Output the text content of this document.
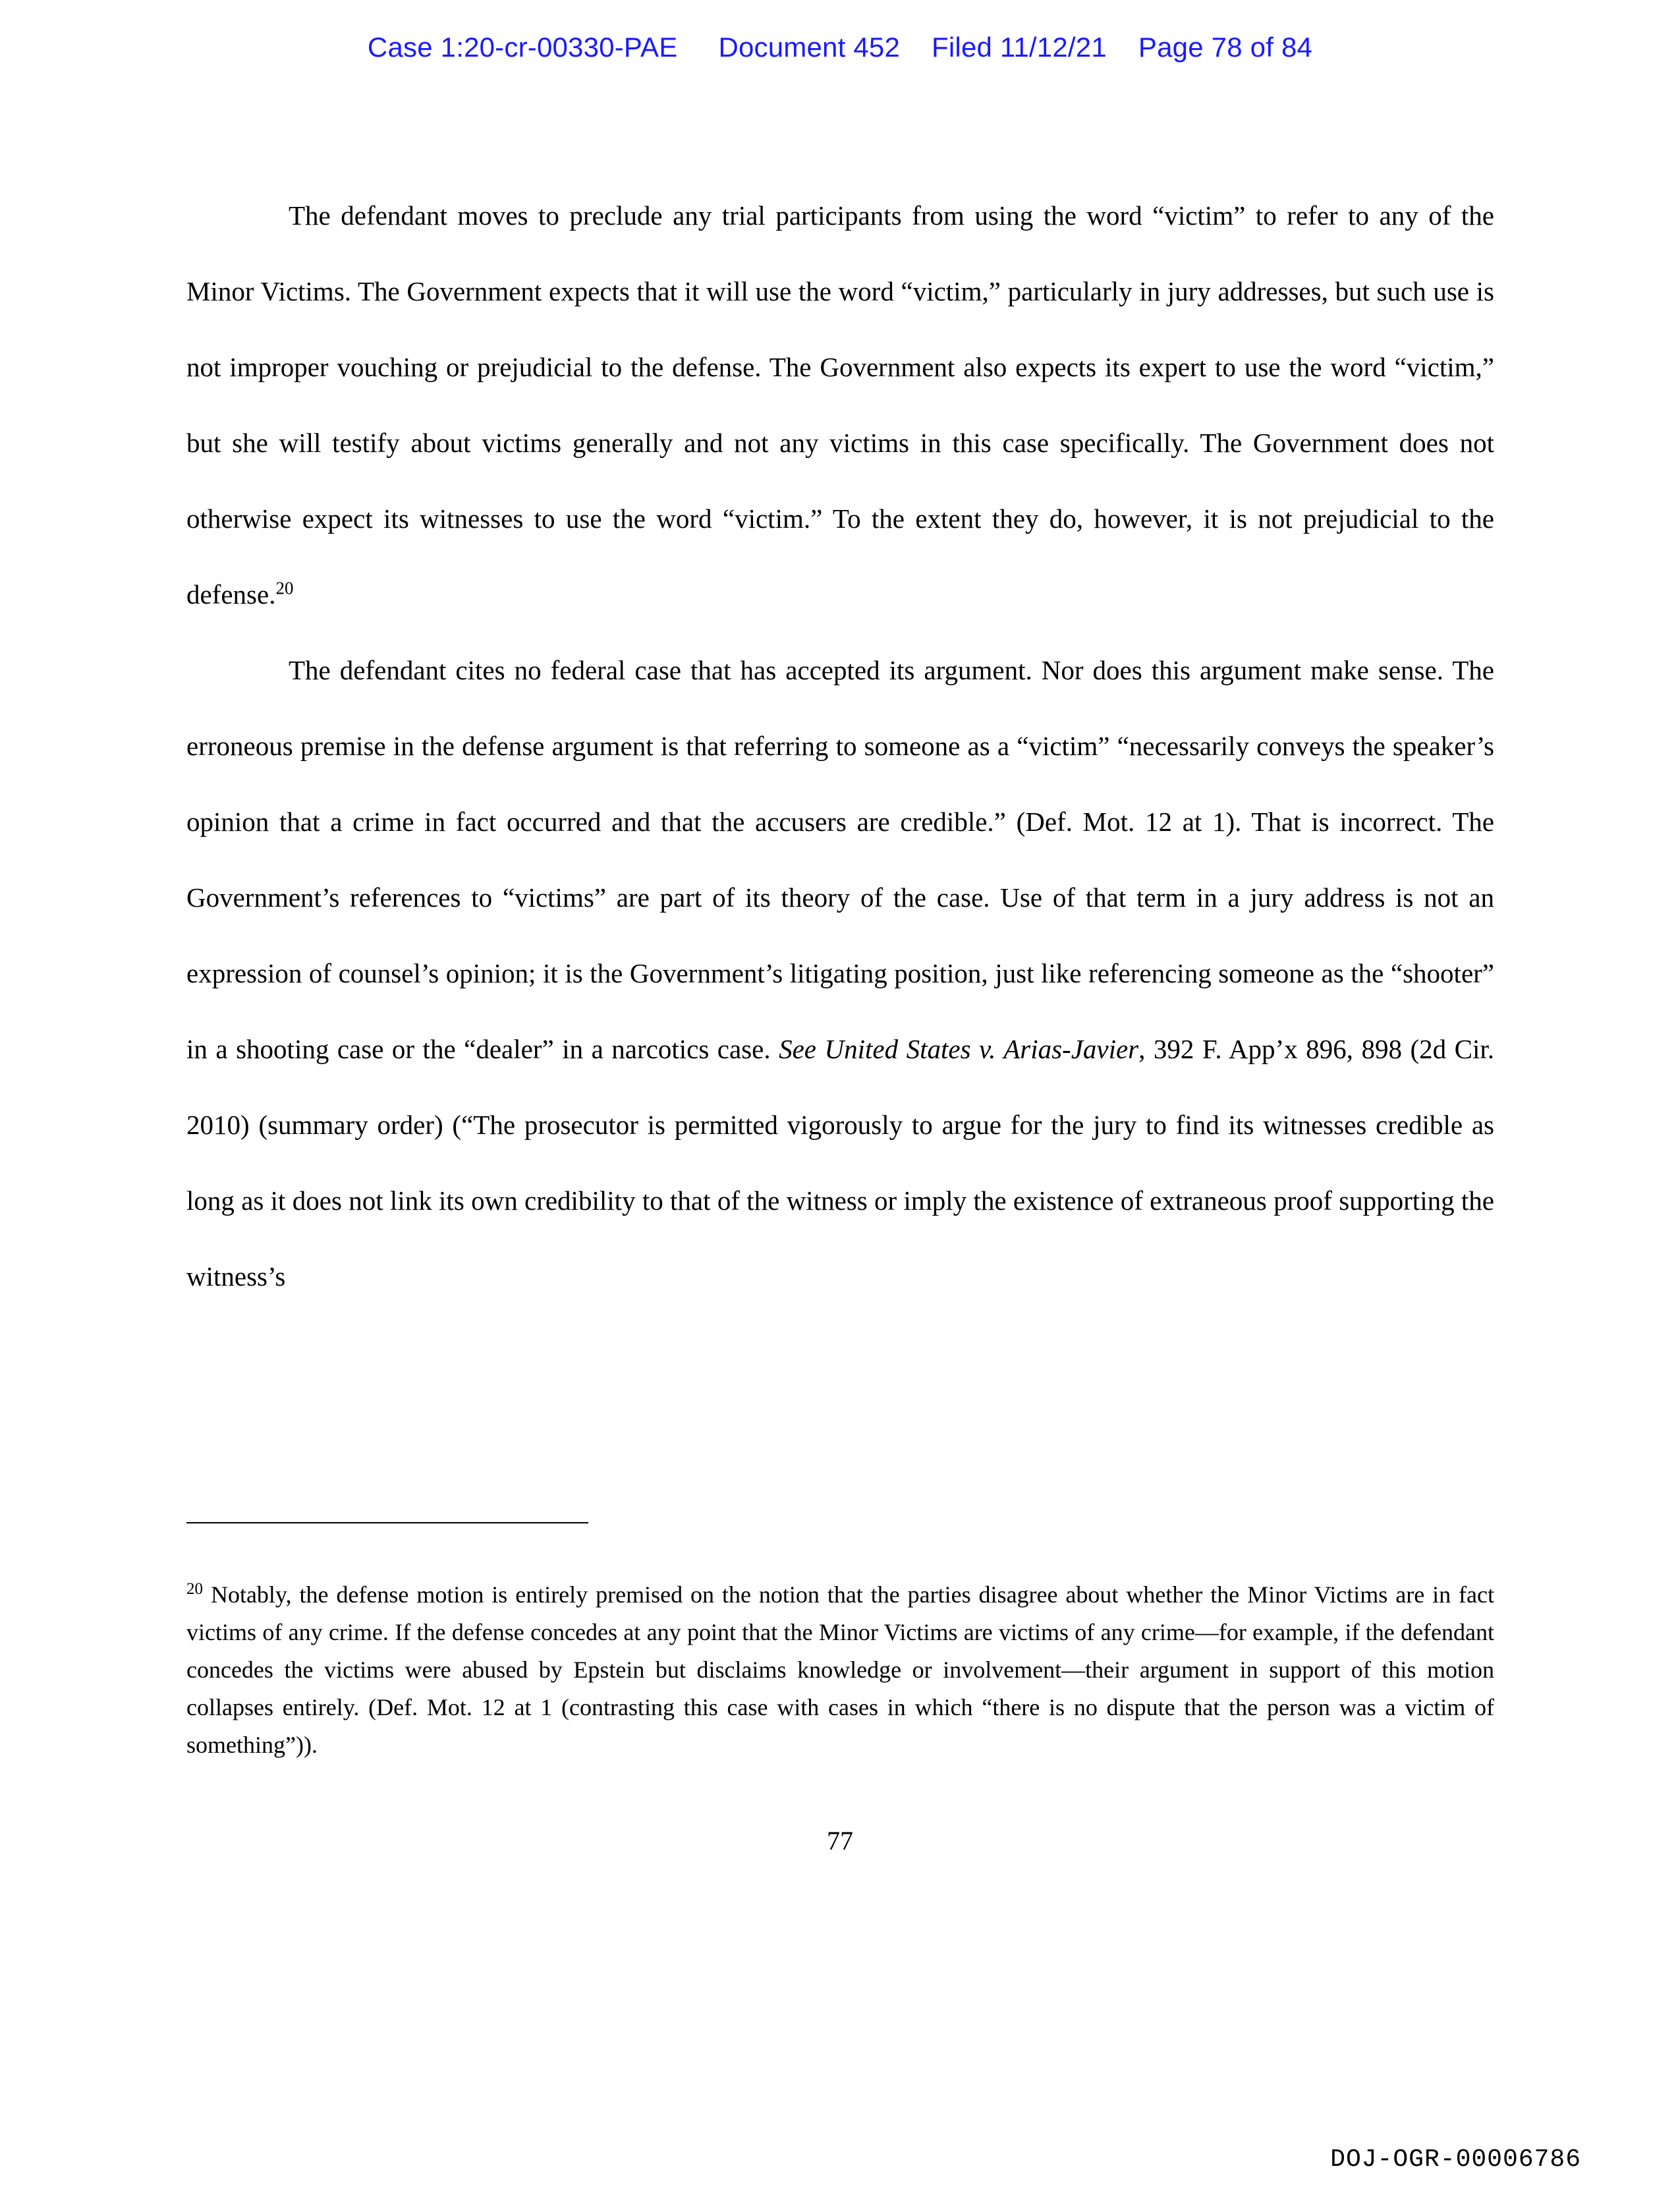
Case 1:20-cr-00330-PAE Document 452 Filed 11/12/21 Page 78 of 84

The defendant moves to preclude any trial participants from using the word “victim” to refer to any of the Minor Victims. The Government expects that it will use the word “victim,” particularly in jury addresses, but such use is not improper vouching or prejudicial to the defense. The Government also expects its expert to use the word “victim,” but she will testify about victims generally and not any victims in this case specifically. The Government does not otherwise expect its witnesses to use the word “victim.” To the extent they do, however, it is not prejudicial to the defense.$^{20}$

The defendant cites no federal case that has accepted its argument. Nor does this argument make sense. The erroneous premise in the defense argument is that referring to someone as a “victim” “necessarily conveys the speaker’s opinion that a crime in fact occurred and that the accusers are credible.” (Def. Mot. 12 at 1). That is incorrect. The Government’s references to “victims” are part of its theory of the case. Use of that term in a jury address is not an expression of counsel’s opinion; it is the Government’s litigating position, just like referencing someone as the “shooter” in a shooting case or the “dealer” in a narcotics case. See United States v. Arias-Javier, 392 F. App’x 896, 898 (2d Cir. 2010) (summary order) (“The prosecutor is permitted vigorously to argue for the jury to find its witnesses credible as long as it does not link its own credibility to that of the witness or imply the existence of extraneous proof supporting the witness’s

$^{20}$ Notably, the defense motion is entirely premised on the notion that the parties disagree about whether the Minor Victims are in fact victims of any crime. If the defense concedes at any point that the Minor Victims are victims of any crime—for example, if the defendant concedes the victims were abused by Epstein but disclaims knowledge or involvement—their argument in support of this motion collapses entirely. (Def. Mot. 12 at 1 (contrasting this case with cases in which “there is no dispute that the person was a victim of something”)).
77
DOJ-OGR-00006786
